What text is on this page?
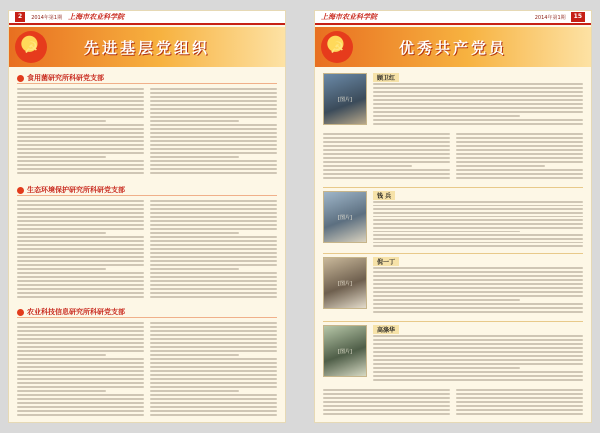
2	2014年第1期 上海市农业科学院
☭	先进基层党组织
食用菌研究所科研党支部
生态环境保护研究所科研党支部
农业科技信息研究所科研党支部
上海市农业科学院	2014年第1期	15
☭	优秀共产党员
[图片]
顾卫红
[图片]
钱 兵
[图片]
倪一丁
[图片]
高涤华
